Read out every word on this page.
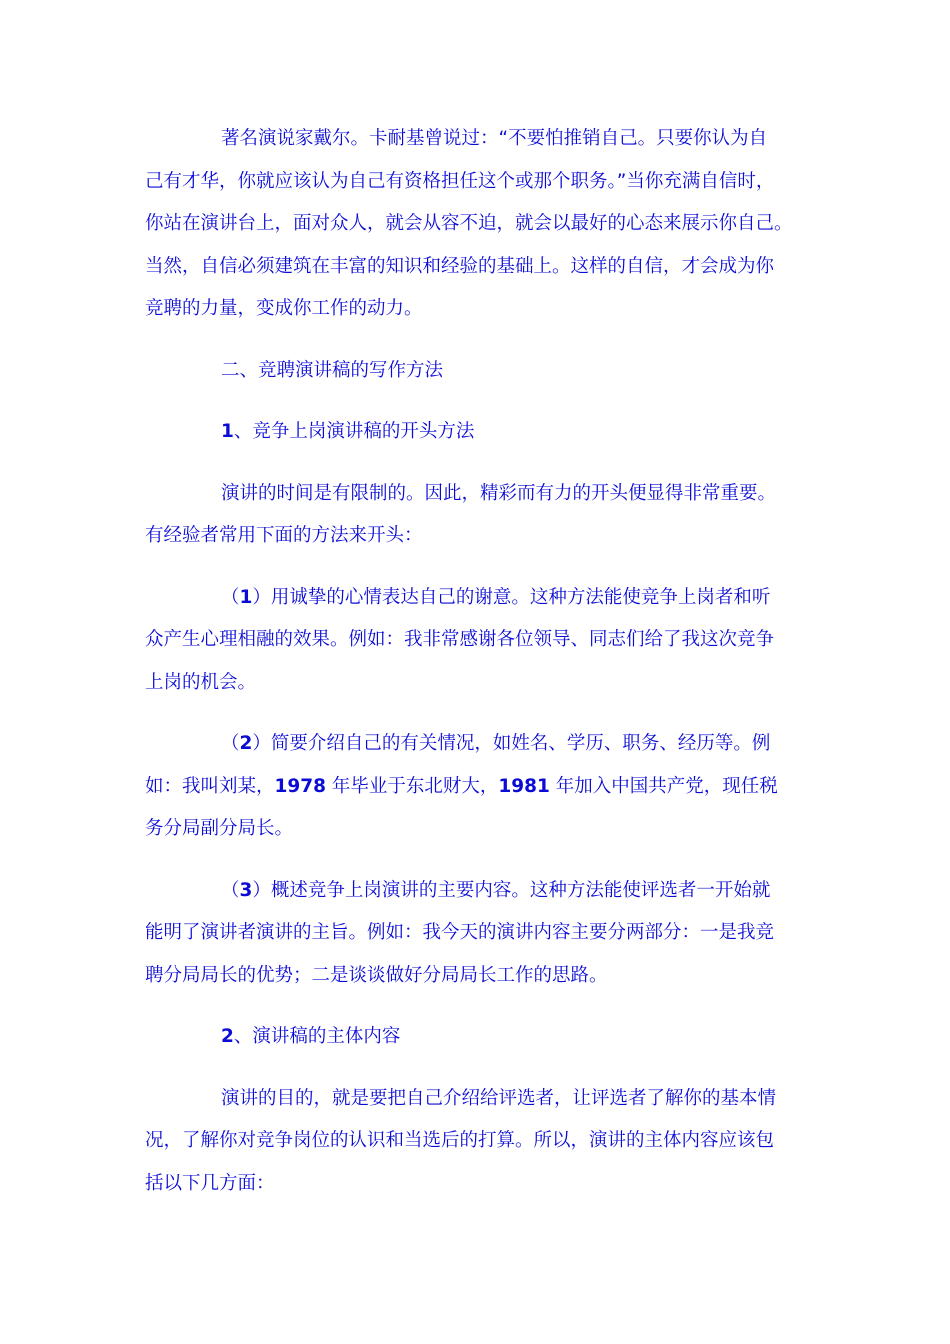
著名演说家戴尔。卡耐基曾说过：“不要怕推销自己。只要你认为自
己有才华，你就应该认为自己有资格担任这个或那个职务。”当你充满自信时，
你站在演讲台上，面对众人，就会从容不迫，就会以最好的心态来展示你自己。
当然，自信必须建筑在丰富的知识和经验的基础上。这样的自信，才会成为你
竞聘的力量，变成你工作的动力。

二、竞聘演讲稿的写作方法

1、竞争上岗演讲稿的开头方法

演讲的时间是有限制的。因此，精彩而有力的开头便显得非常重要。
有经验者常用下面的方法来开头：

（1）用诚挚的心情表达自己的谢意。这种方法能使竞争上岗者和听
众产生心理相融的效果。例如：我非常感谢各位领导、同志们给了我这次竞争
上岗的机会。

（2）简要介绍自己的有关情况，如姓名、学历、职务、经历等。例
如：我叫刘某，1978 年毕业于东北财大，1981 年加入中国共产党，现任税
务分局副分局长。

（3）概述竞争上岗演讲的主要内容。这种方法能使评选者一开始就
能明了演讲者演讲的主旨。例如：我今天的演讲内容主要分两部分：一是我竞
聘分局局长的优势；二是谈谈做好分局局长工作的思路。

2、演讲稿的主体内容

演讲的目的，就是要把自己介绍给评选者，让评选者了解你的基本情
况，了解你对竞争岗位的认识和当选后的打算。所以，演讲的主体内容应该包
括以下几方面：
